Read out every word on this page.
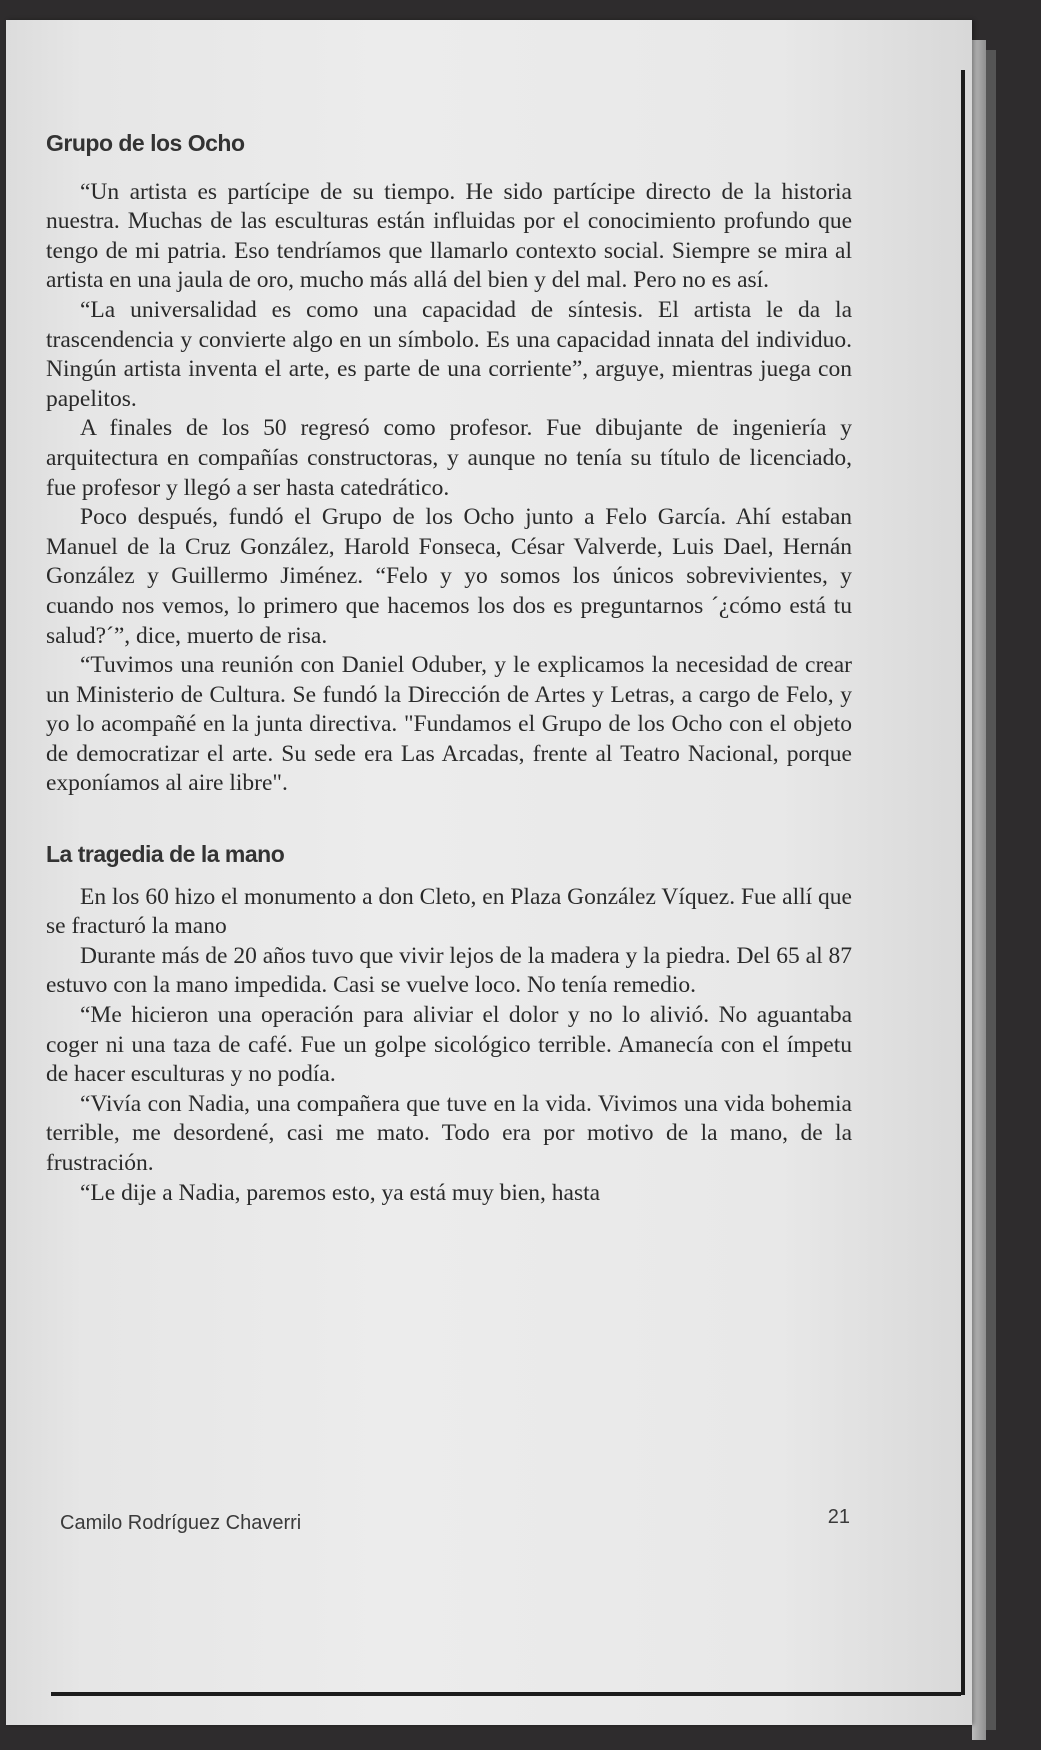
Grupo de los Ocho

“Un artista es partícipe de su tiempo. He sido partícipe directo de la historia nuestra. Muchas de las esculturas están influidas por el conocimiento profundo que tengo de mi patria. Eso tendríamos que llamarlo contexto social. Siempre se mira al artista en una jaula de oro, mucho más allá del bien y del mal. Pero no es así.

“La universalidad es como una capacidad de síntesis. El artista le da la trascendencia y convierte algo en un símbolo. Es una capacidad innata del individuo. Ningún artista inventa el arte, es parte de una corriente”, arguye, mientras juega con papelitos.

A finales de los 50 regresó como profesor. Fue dibujante de ingeniería y arquitectura en compañías constructoras, y aunque no tenía su título de licenciado, fue profesor y llegó a ser hasta catedrático.

Poco después, fundó el Grupo de los Ocho junto a Felo García. Ahí estaban Manuel de la Cruz González, Harold Fonseca, César Valverde, Luis Dael, Hernán González y Guillermo Jiménez. “Felo y yo somos los únicos sobrevivientes, y cuando nos vemos, lo primero que hacemos los dos es preguntarnos ´¿cómo está tu salud?´”, dice, muerto de risa.

“Tuvimos una reunión con Daniel Oduber, y le explicamos la necesidad de crear un Ministerio de Cultura. Se fundó la Dirección de Artes y Letras, a cargo de Felo, y yo lo acompañé en la junta directiva. "Fundamos el Grupo de los Ocho con el objeto de democratizar el arte. Su sede era Las Arcadas, frente al Teatro Nacional, porque exponíamos al aire libre".

La tragedia de la mano

En los 60 hizo el monumento a don Cleto, en Plaza González Víquez. Fue allí que se fracturó la mano

Durante más de 20 años tuvo que vivir lejos de la madera y la piedra. Del 65 al 87 estuvo con la mano impedida. Casi se vuelve loco. No tenía remedio.

“Me hicieron una operación para aliviar el dolor y no lo alivió. No aguantaba coger ni una taza de café. Fue un golpe sicológico terrible. Amanecía con el ímpetu de hacer esculturas y no podía.

“Vivía con Nadia, una compañera que tuve en la vida. Vivimos una vida bohemia terrible, me desordené, casi me mato. Todo era por motivo de la mano, de la frustración.

“Le dije a Nadia, paremos esto, ya está muy bien, hasta

Camilo Rodríguez Chaverri	21
